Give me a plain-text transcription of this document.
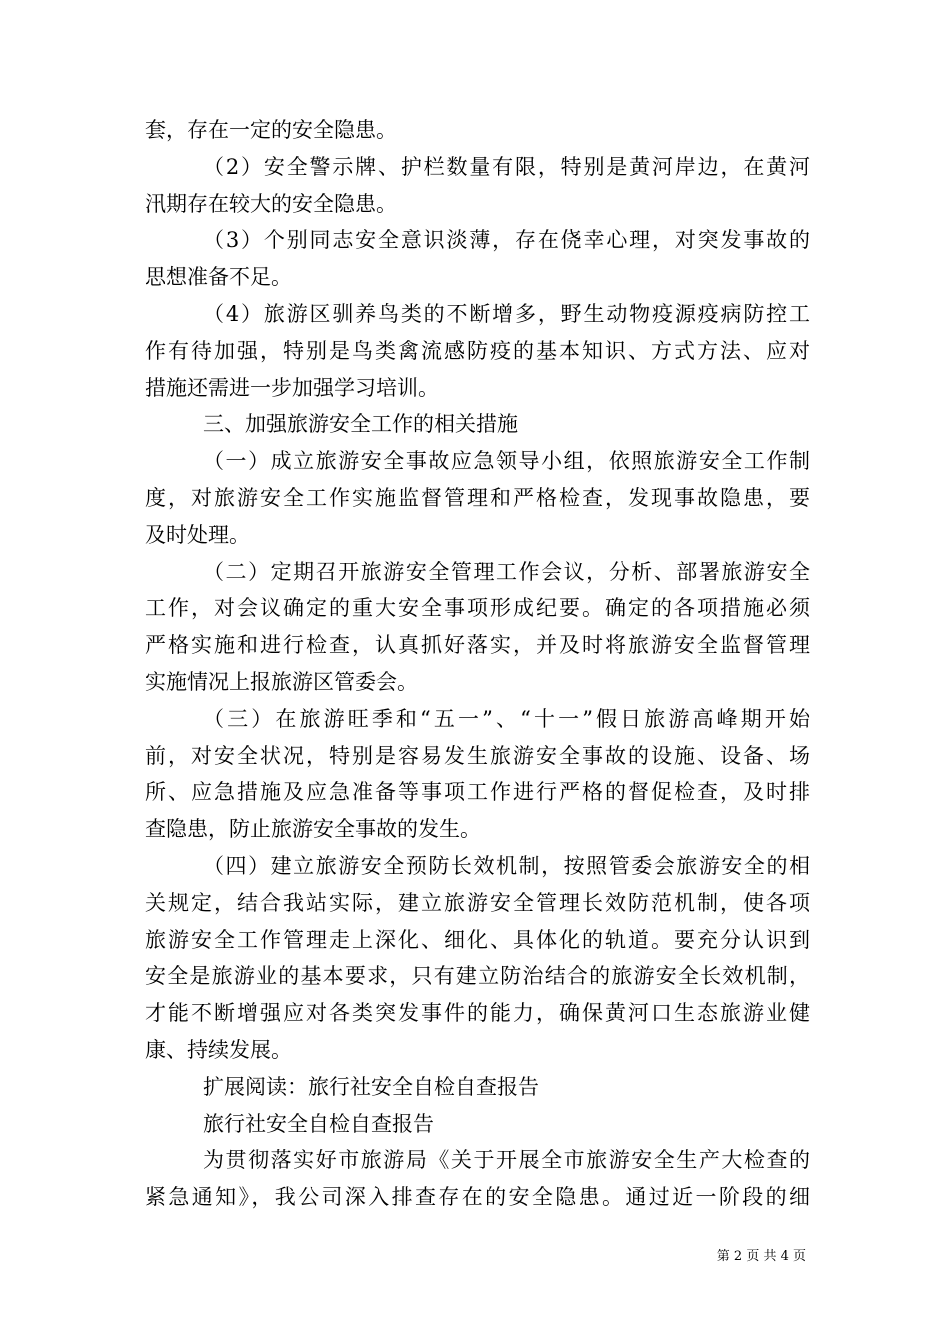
套，存在一定的安全隐患。
（2）安全警示牌、护栏数量有限，特别是黄河岸边，在黄河
汛期存在较大的安全隐患。
（3）个别同志安全意识淡薄，存在侥幸心理，对突发事故的
思想准备不足。
（4）旅游区驯养鸟类的不断增多，野生动物疫源疫病防控工
作有待加强，特别是鸟类禽流感防疫的基本知识、方式方法、应对
措施还需进一步加强学习培训。
三、加强旅游安全工作的相关措施
（一）成立旅游安全事故应急领导小组，依照旅游安全工作制
度，对旅游安全工作实施监督管理和严格检查，发现事故隐患，要
及时处理。
（二）定期召开旅游安全管理工作会议，分析、部署旅游安全
工作，对会议确定的重大安全事项形成纪要。确定的各项措施必须
严格实施和进行检查，认真抓好落实，并及时将旅游安全监督管理
实施情况上报旅游区管委会。
（三）在旅游旺季和“五一”、“十一”假日旅游高峰期开始
前，对安全状况，特别是容易发生旅游安全事故的设施、设备、场
所、应急措施及应急准备等事项工作进行严格的督促检查，及时排
查隐患，防止旅游安全事故的发生。
（四）建立旅游安全预防长效机制，按照管委会旅游安全的相
关规定，结合我站实际，建立旅游安全管理长效防范机制，使各项
旅游安全工作管理走上深化、细化、具体化的轨道。要充分认识到
安全是旅游业的基本要求，只有建立防治结合的旅游安全长效机制，
才能不断增强应对各类突发事件的能力，确保黄河口生态旅游业健
康、持续发展。
扩展阅读：旅行社安全自检自查报告
旅行社安全自检自查报告
为贯彻落实好市旅游局《关于开展全市旅游安全生产大检查的
紧急通知》，我公司深入排查存在的安全隐患。通过近一阶段的细
第 2 页 共 4 页
